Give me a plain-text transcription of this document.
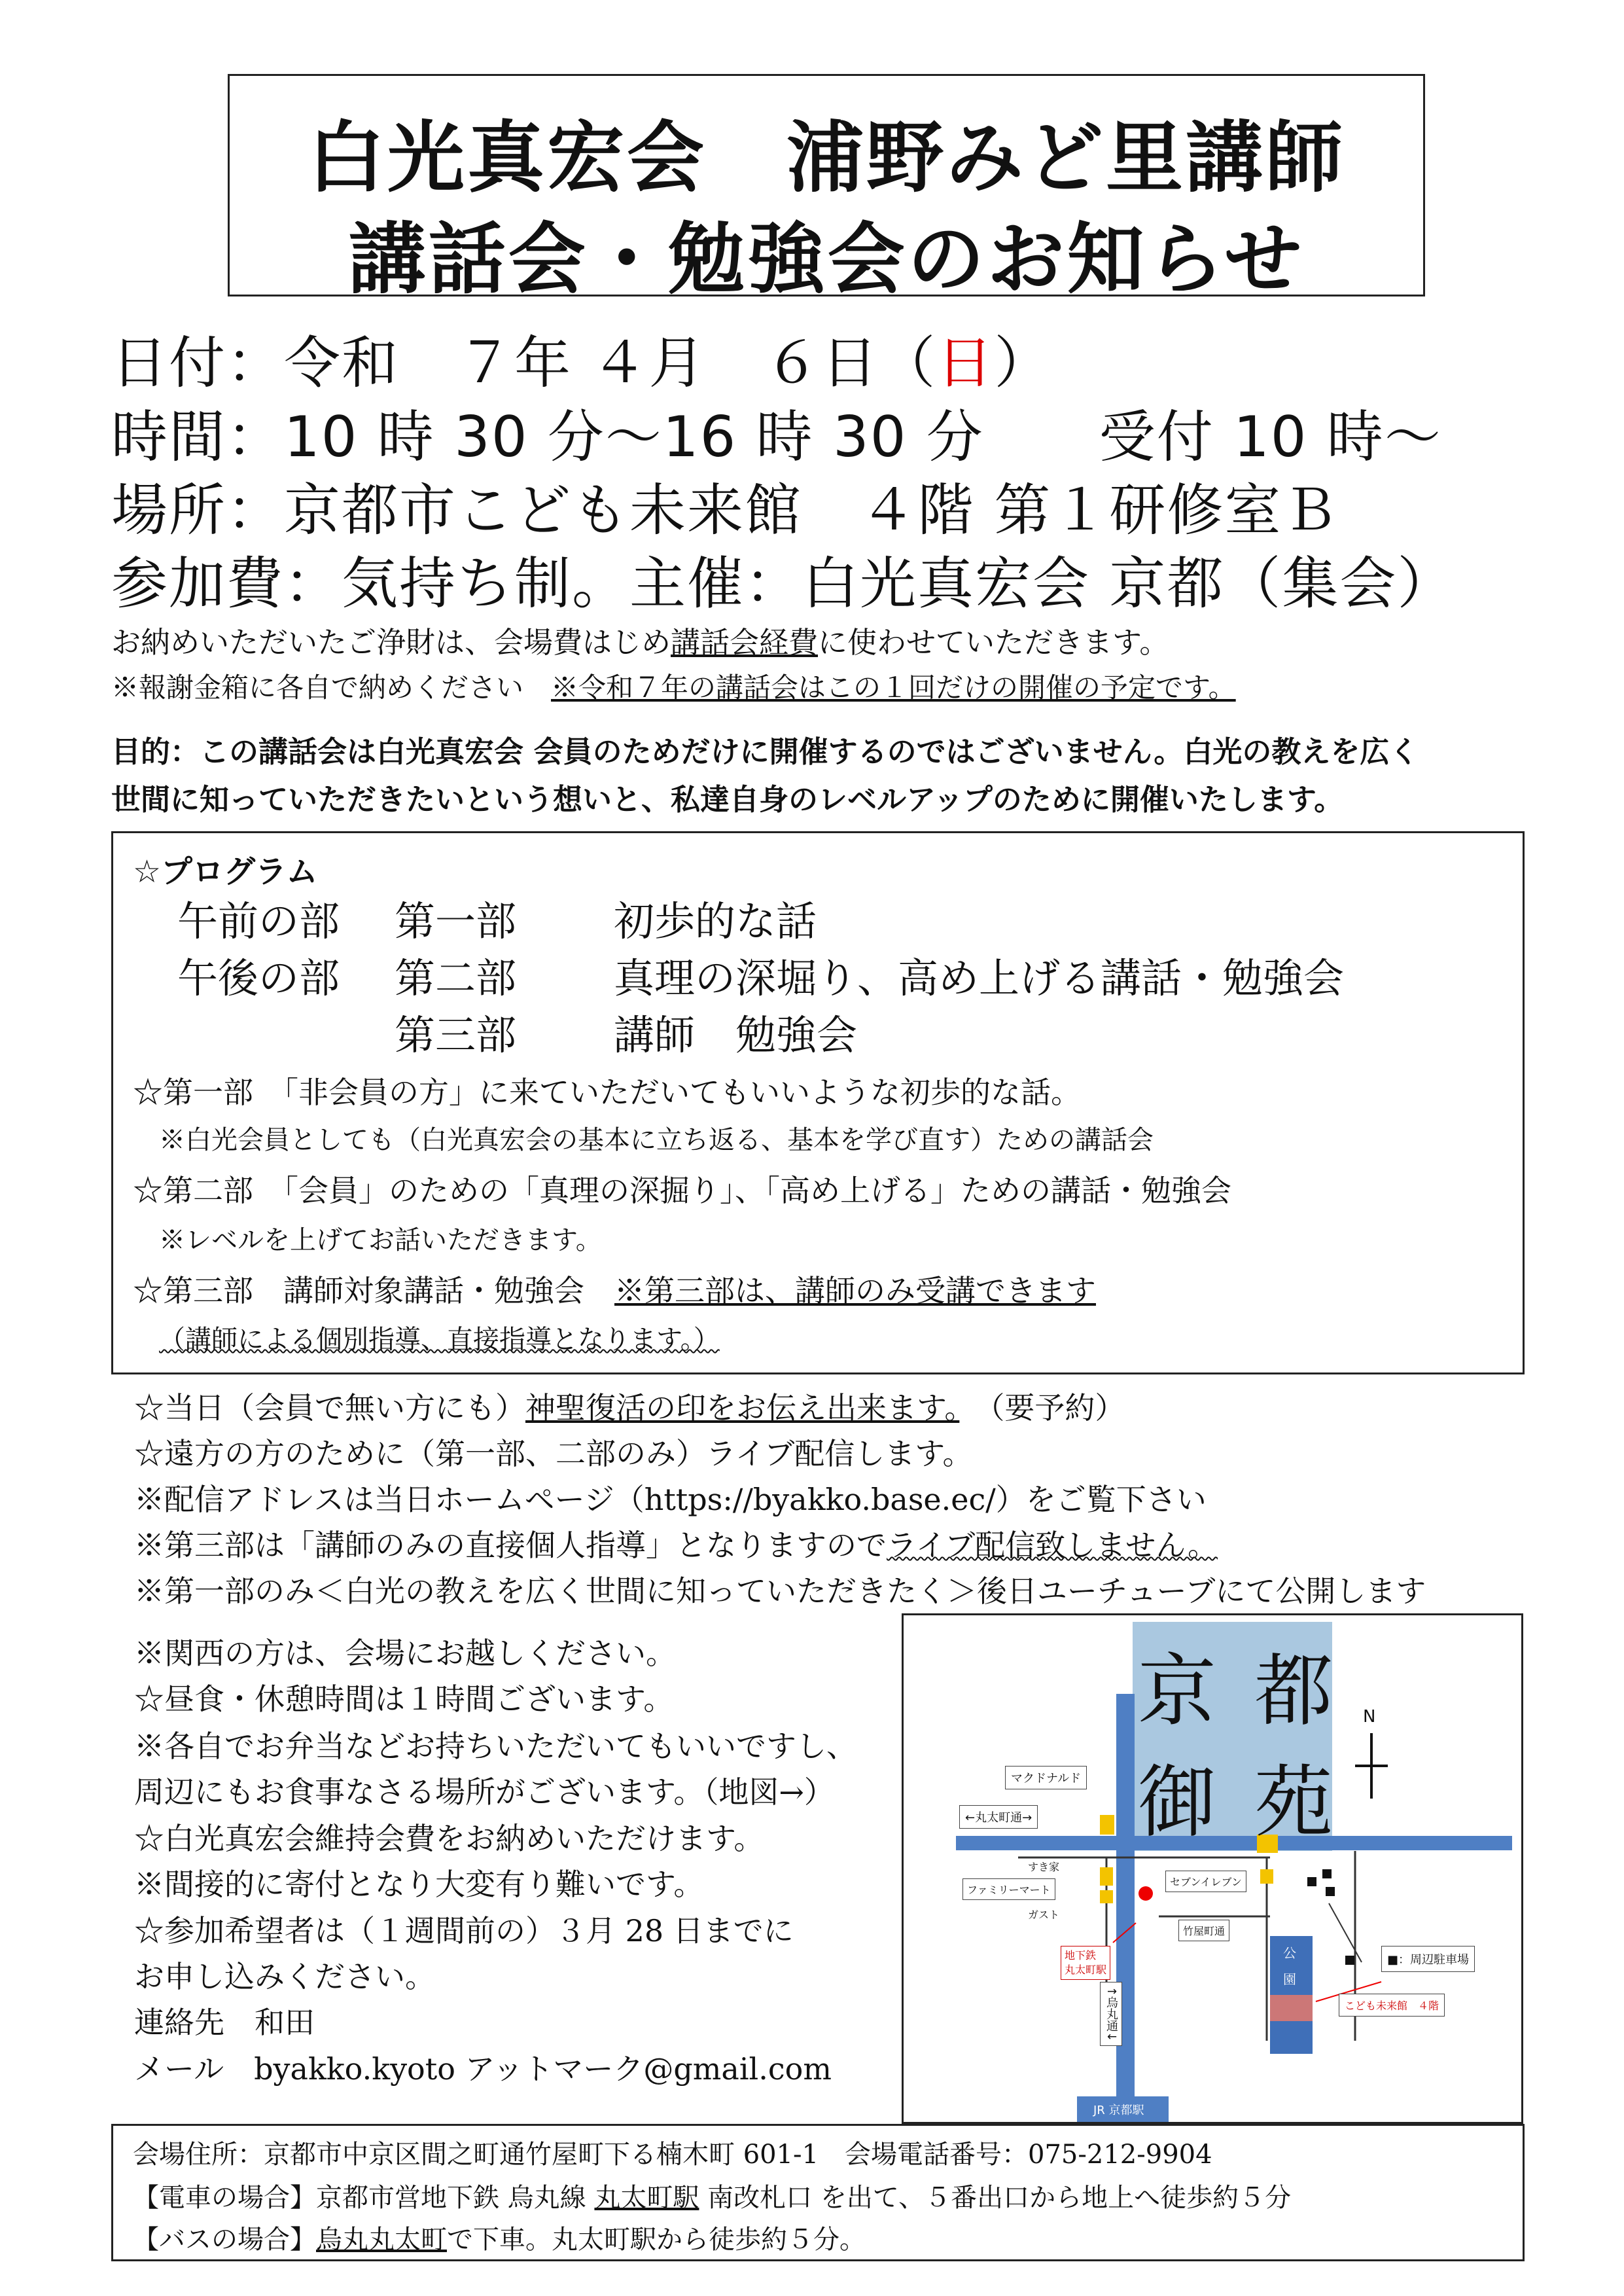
白光真宏会　浦野みど里講師
講話会・勉強会のお知らせ
日付：令和　７年 ４月　６日（日）
時間：10 時 30 分～16 時 30 分　　受付 10 時～
場所：京都市こども未来館　４階 第１研修室Ｂ
参加費：気持ち制。主催：白光真宏会 京都（集会）
お納めいただいたご浄財は、会場費はじめ講話会経費に使わせていただきます。
※報謝金箱に各自で納めください　※令和７年の講話会はこの１回だけの開催の予定です。
目的：この講話会は白光真宏会 会員のためだけに開催するのではございません。白光の教えを広く
世間に知っていただきたいという想いと、私達自身のレベルアップのために開催いたします。
☆プログラム
午前の部 第一部 初歩的な話
午後の部 第二部 真理の深堀り、高め上げる講話・勉強会
第三部 講師　勉強会
☆第一部　「非会員の方」に来ていただいてもいいような初歩的な話。
※白光会員としても（白光真宏会の基本に立ち返る、基本を学び直す）ための講話会
☆第二部　「会員」のための「真理の深掘り」、「高め上げる」ための講話・勉強会
※レベルを上げてお話いただきます。
☆第三部　講師対象講話・勉強会　※第三部は、講師のみ受講できます
（講師による個別指導、直接指導となります。）
☆当日（会員で無い方にも）神聖復活の印をお伝え出来ます。　（要予約）
☆遠方の方のために（第一部、二部のみ）ライブ配信します。
※配信アドレスは当日ホームページ（https://byakko.base.ec/）をご覧下さい
※第三部は「講師のみの直接個人指導」となりますのでライブ配信致しません。
※第一部のみ＜白光の教えを広く世間に知っていただきたく＞後日ユーチューブにて公開します
※関西の方は、会場にお越しください。
☆昼食・休憩時間は１時間ございます。
※各自でお弁当などお持ちいただいてもいいですし、
周辺にもお食事なさる場所がございます。（地図→）
☆白光真宏会維持会費をお納めいただけます。
※間接的に寄付となり大変有り難いです。
☆参加希望者は（１週間前の）３月 28 日までに
お申し込みください。
連絡先　和田
メール　byakko.kyoto アットマーク@gmail.com
京 都
御 苑
N
マクドナルド
←丸太町通→
すき家
ファミリーマート
ガスト
セブンイレブン
竹屋町通
地下鉄
丸太町駅
↑烏丸通↓
公
園
■：周辺駐車場
こども未来館　４階
JR 京都駅
会場住所：京都市中京区間之町通竹屋町下る楠木町 601-1　会場電話番号：075-212-9904
【電車の場合】京都市営地下鉄 烏丸線 丸太町駅 南改札口 を出て、５番出口から地上へ徒歩約５分
【バスの場合】烏丸丸太町で下車。丸太町駅から徒歩約５分。
